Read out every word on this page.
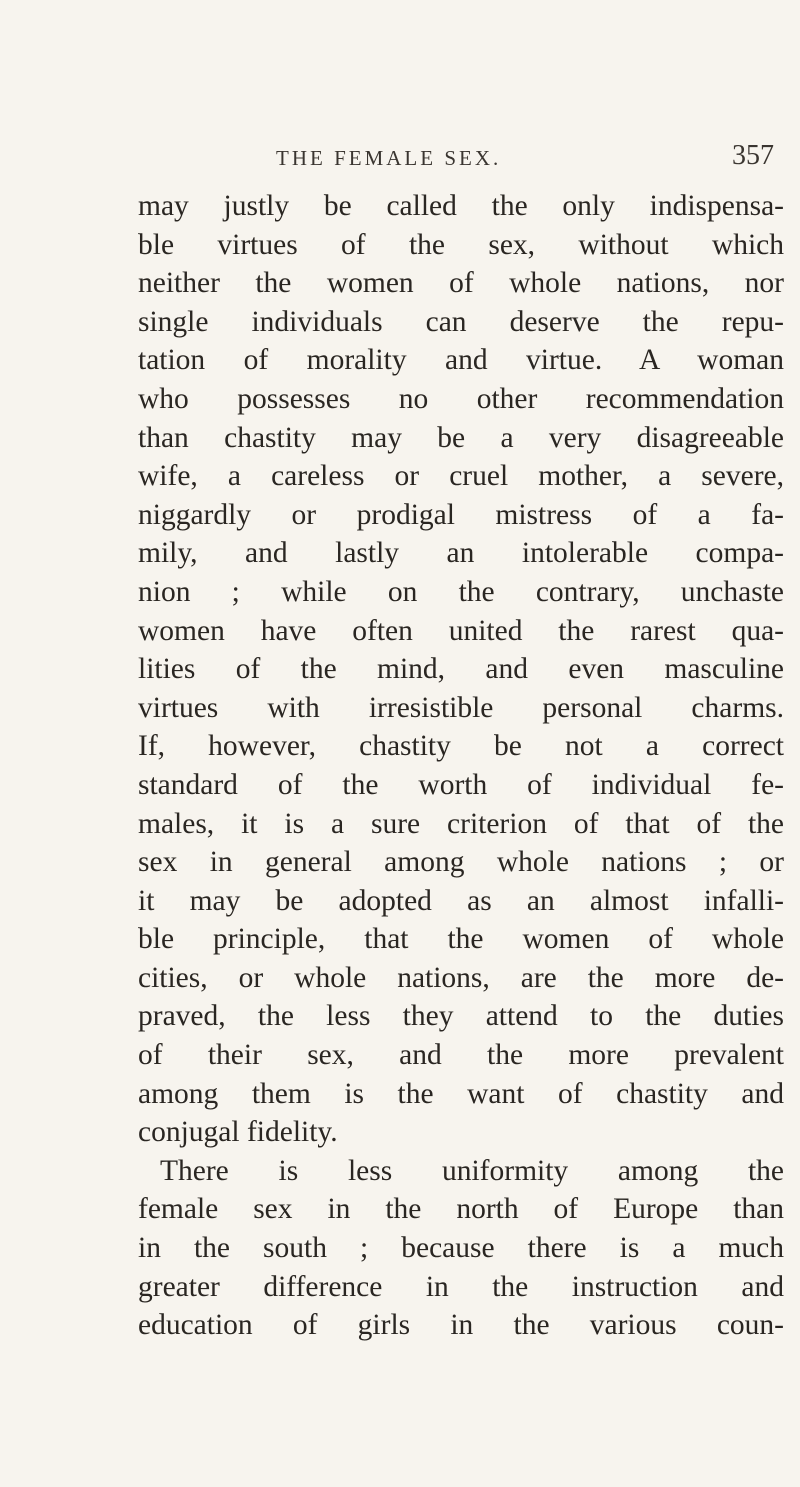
THE FEMALE SEX.	357
may justly be called the only indispensa-
ble virtues of the sex, without which
neither the women of whole nations, nor
single individuals can deserve the repu-
tation of morality and virtue. A woman
who possesses no other recommendation
than chastity may be a very disagreeable
wife, a careless or cruel mother, a severe,
niggardly or prodigal mistress of a fa-
mily, and lastly an intolerable compa-
nion ; while on the contrary, unchaste
women have often united the rarest qua-
lities of the mind, and even masculine
virtues with irresistible personal charms.
If, however, chastity be not a correct
standard of the worth of individual fe-
males, it is a sure criterion of that of the
sex in general among whole nations ; or
it may be adopted as an almost infalli-
ble principle, that the women of whole
cities, or whole nations, are the more de-
praved, the less they attend to the duties
of their sex, and the more prevalent
among them is the want of chastity and
conjugal fidelity.
There is less uniformity among the
female sex in the north of Europe than
in the south ; because there is a much
greater difference in the instruction and
education of girls in the various coun-
